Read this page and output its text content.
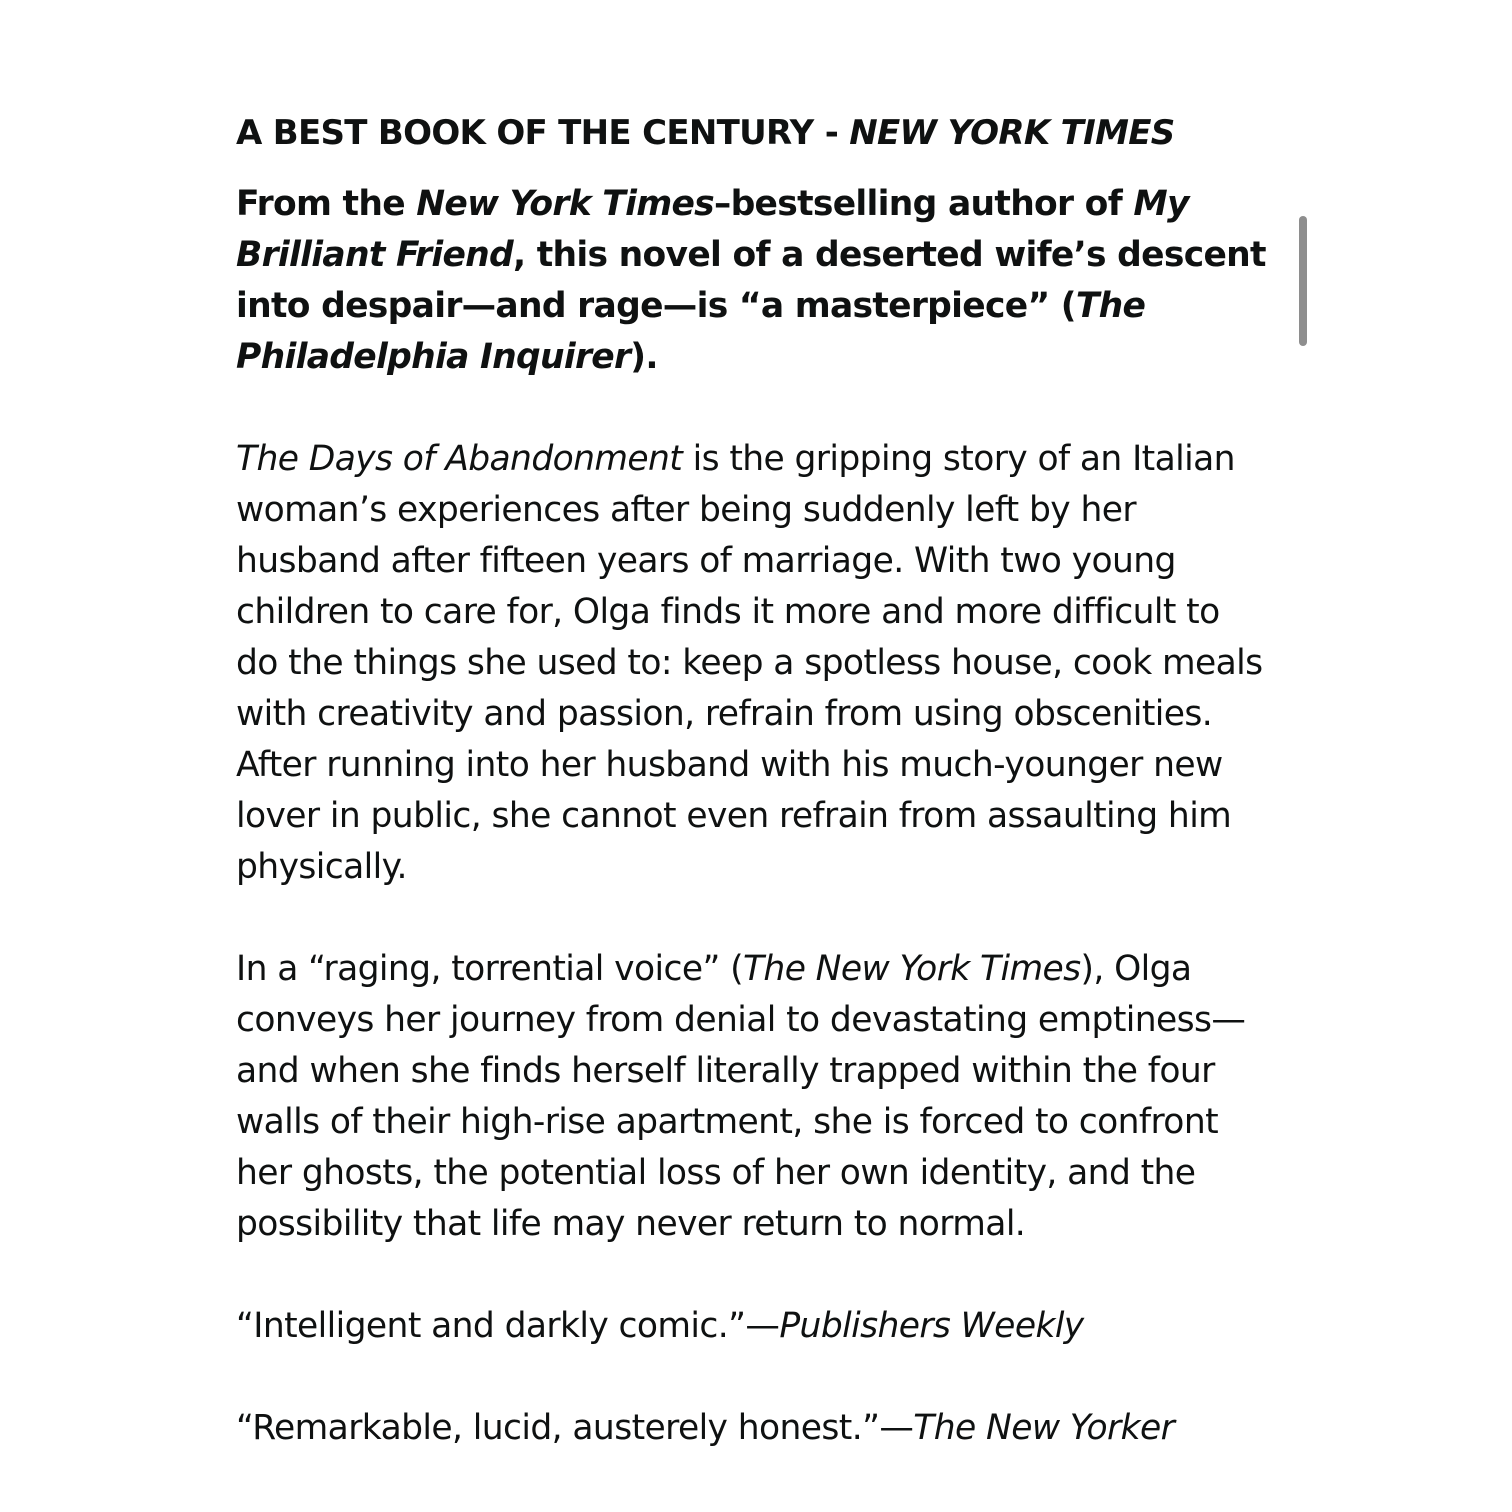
A BEST BOOK OF THE CENTURY - NEW YORK TIMES

From the New York Times–bestselling author of My Brilliant Friend, this novel of a deserted wife’s descent into despair—and rage—is “a masterpiece” (The Philadelphia Inquirer).

The Days of Abandonment is the gripping story of an Italian woman’s experiences after being suddenly left by her husband after fifteen years of marriage. With two young children to care for, Olga finds it more and more difficult to do the things she used to: keep a spotless house, cook meals with creativity and passion, refrain from using obscenities. After running into her husband with his much-younger new lover in public, she cannot even refrain from assaulting him physically.

In a “raging, torrential voice” (The New York Times), Olga conveys her journey from denial to devastating emptiness—and when she finds herself literally trapped within the four walls of their high-rise apartment, she is forced to confront her ghosts, the potential loss of her own identity, and the possibility that life may never return to normal.

“Intelligent and darkly comic.”—Publishers Weekly

“Remarkable, lucid, austerely honest.”—The New Yorker
